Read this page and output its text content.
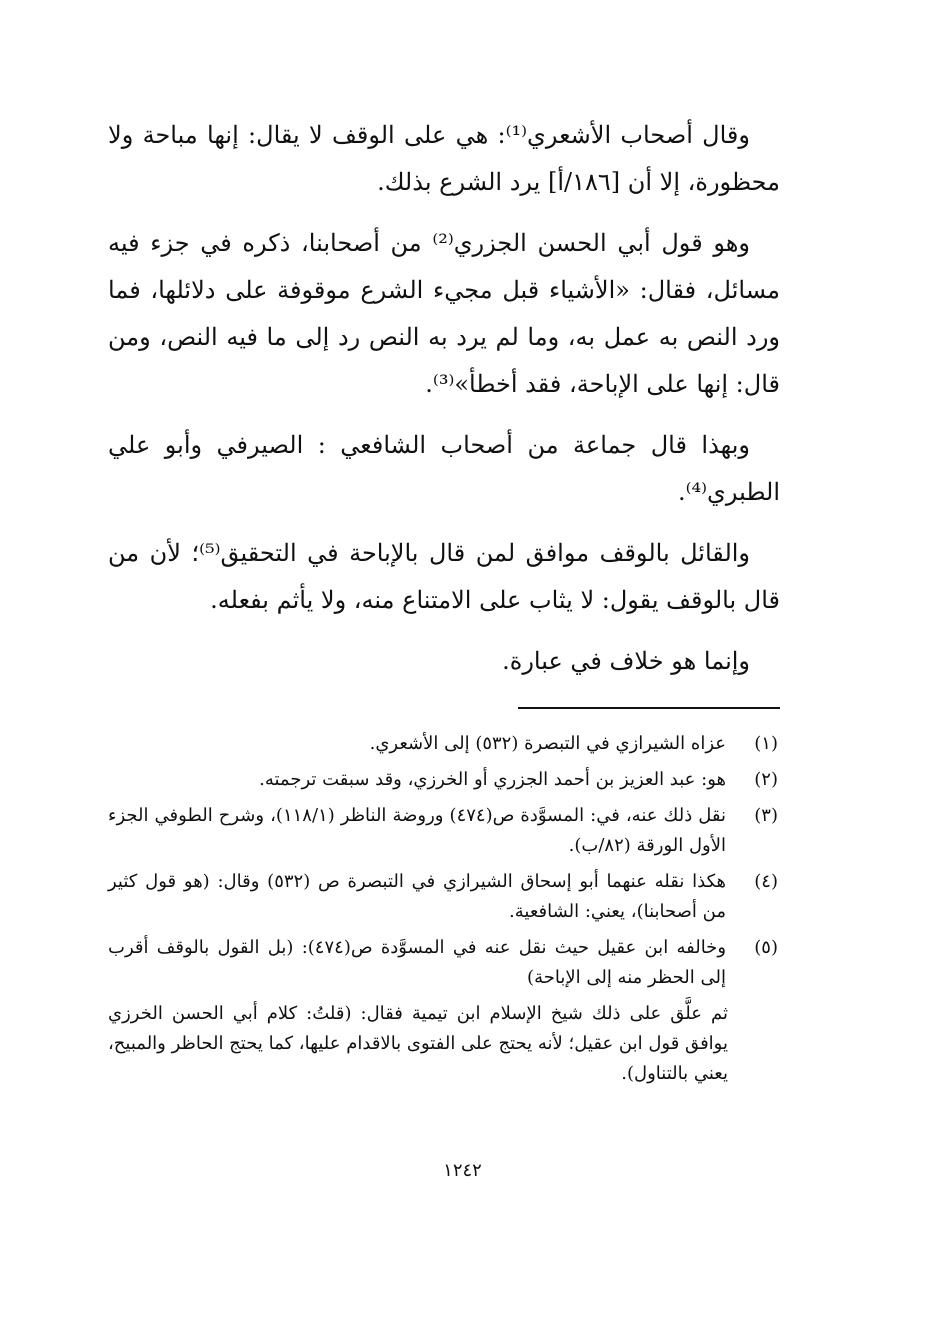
وقال أصحاب الأشعري⁽¹⁾: هي على الوقف لا يقال: إنها مباحة ولا محظورة، إلا أن [١٨٦/أ] يرد الشرع بذلك.

وهو قول أبي الحسن الجزري⁽²⁾ من أصحابنا، ذكره في جزء فيه مسائل، فقال: «الأشياء قبل مجيء الشرع موقوفة على دلائلها، فما ورد النص به عمل به، وما لم يرد به النص رد إلى ما فيه النص، ومن قال: إنها على الإباحة، فقد أخطأ»⁽³⁾.

وبهذا قال جماعة من أصحاب الشافعي : الصيرفي وأبو علي الطبري⁽⁴⁾.

والقائل بالوقف موافق لمن قال بالإباحة في التحقيق⁽⁵⁾؛ لأن من قال بالوقف يقول: لا يثاب على الامتناع منه، ولا يأثم بفعله.

وإنما هو خلاف في عبارة.

(١)
عزاه الشيرازي في التبصرة (٥٣٢) إلى الأشعري.
(٢)
هو: عبد العزيز بن أحمد الجزري أو الخرزي، وقد سبقت ترجمته.
(٣)
نقل ذلك عنه، في: المسوَّدة ص(٤٧٤) وروضة الناظر (١١٨/١)، وشرح الطوفي الجزء الأول الورقة (٨٢/ب).
(٤)
هكذا نقله عنهما أبو إسحاق الشيرازي في التبصرة ص (٥٣٢) وقال: (هو قول كثير من أصحابنا)، يعني: الشافعية.
(٥)
وخالفه ابن عقيل حيث نقل عنه في المسوَّدة ص(٤٧٤): (بل القول بالوقف أقرب إلى الحظر منه إلى الإباحة)
ثم علَّق على ذلك شيخ الإسلام ابن تيمية فقال: (قلتُ: كلام أبي الحسن الخرزي يوافق قول ابن عقيل؛ لأنه يحتج على الفتوى بالاقدام عليها، كما يحتج الحاظر والمبيح، يعني بالتناول).
١٢٤٢
